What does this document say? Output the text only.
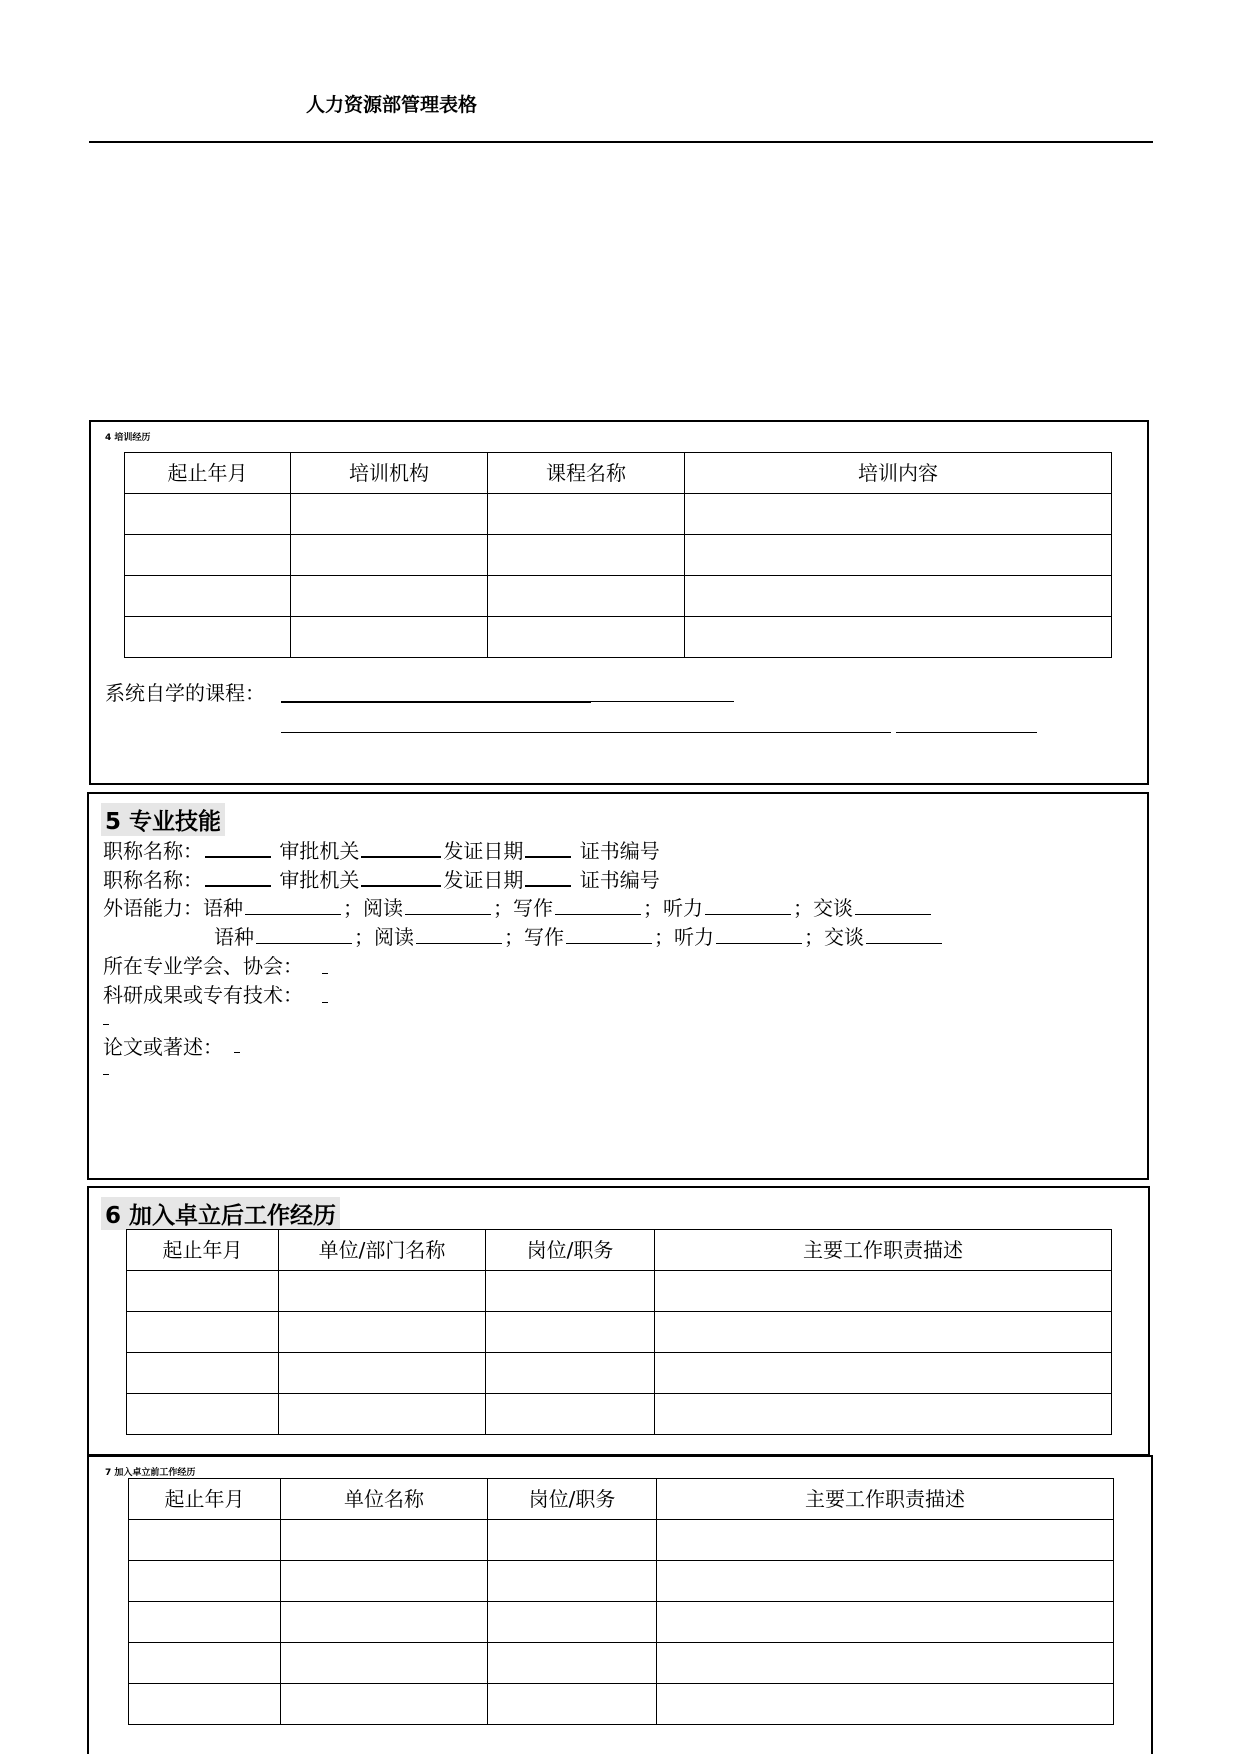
人力资源部管理表格
4 培训经历
起止年月	培训机构	课程名称	培训内容

系统自学的课程：
5 专业技能
职称名称：	审批机关	发证日期	证书编号
职称名称：	审批机关	发证日期	证书编号
外语能力：语种	；阅读	；写作	；听力	；交谈
语种	；阅读	；写作	；听力	；交谈
所在专业学会、协会：
科研成果或专有技术：
论文或著述：
6 加入卓立后工作经历
起止年月	单位/部门名称	岗位/职务	主要工作职责描述

7 加入卓立前工作经历
起止年月	单位名称	岗位/职务	主要工作职责描述
